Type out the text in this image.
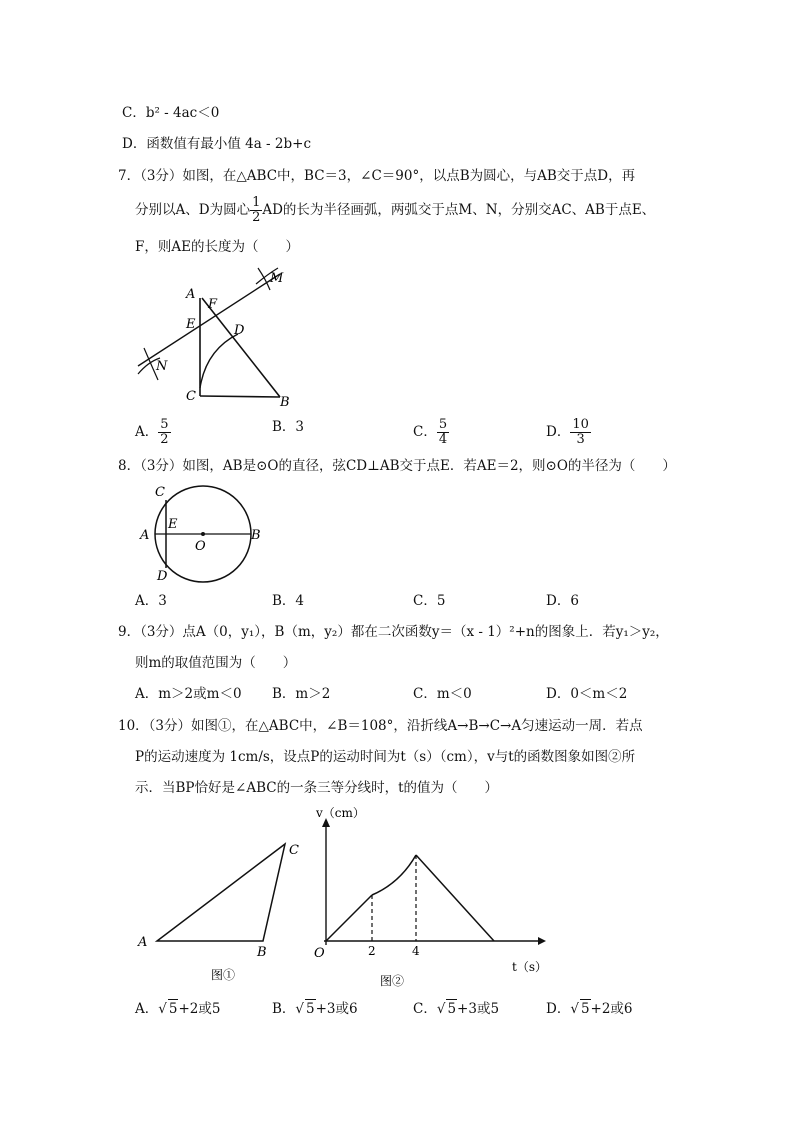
C．b² - 4ac＜0
D．函数值有最小值 4a - 2b+c
7．（3分）如图，在△ABC中，BC＝3，∠C＝90°，以点B为圆心，与AB交于点D，再
分别以A、D为圆心 $\frac{1}{2}$ AD的长为半径画弧，两弧交于点M、N，分别交AC、AB于点E、
F，则AE的长度为（　　）
A
F
E	D
N
M
C	B
A． $\frac{5}{2}$	B．3	C． $\frac{5}{4}$	D． $\frac{10}{3}$
8．（3分）如图，AB是⊙O的直径，弦CD⊥AB交于点E．若AE＝2，则⊙O的半径为（　　）
C
E
A
O
B
D
A．3	B．4	C．5	D．6
9．（3分）点A（0，y₁），B（m，y₂）都在二次函数y＝（x - 1）²+n的图象上．若y₁＞y₂，
则m的取值范围为（　　）
A．m＞2或m＜0 B．m＞2	C．m＜0	D．0＜m＜2
10．（3分）如图①，在△ABC中，∠B＝108°，沿折线A→B→C→A匀速运动一周．若点
P的运动速度为 1cm/s，设点P的运动时间为t（s）（cm），v与t的函数图象如图②所
示．当BP恰好是∠ABC的一条三等分线时，t的值为（　　）
A
B
C
图①
O	2	4
v（cm）
t（s）
图②
A．√ 5+2或5	B．√ 5+3或6	C．√ 5+3或5	D．√ 5+2或6
